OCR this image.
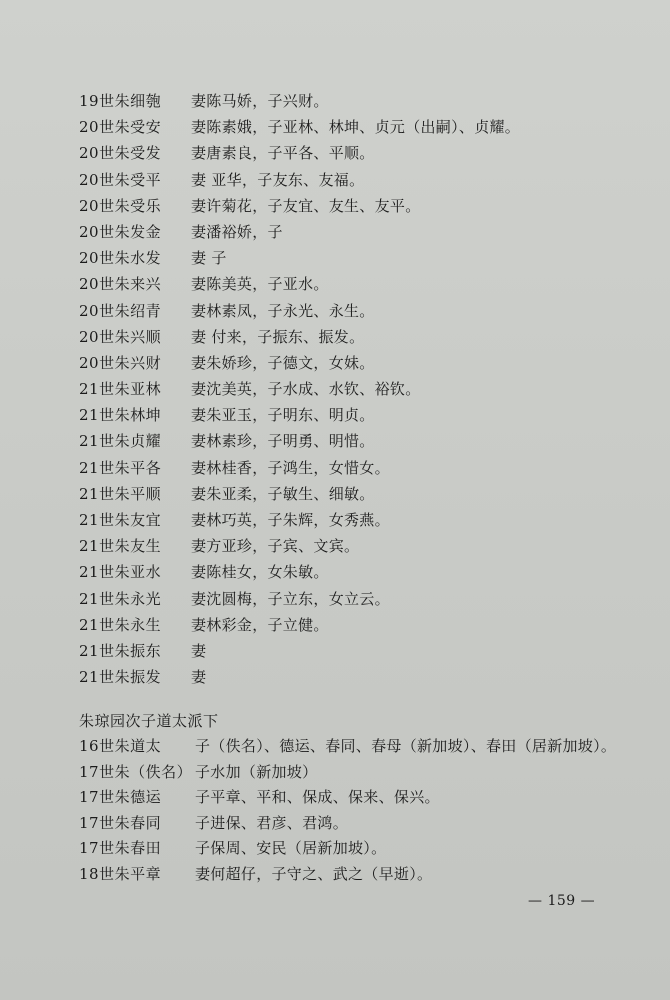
19世朱细匏	妻陈马娇，子兴财。
20世朱受安	妻陈素娥，子亚林、林坤、贞元（出嗣）、贞耀。
20世朱受发	妻唐素良，子平各、平顺。
20世朱受平	妻 亚华，子友东、友福。
20世朱受乐	妻许菊花，子友宜、友生、友平。
20世朱发金	妻潘裕娇，子
20世朱水发	妻 子
20世朱来兴	妻陈美英，子亚水。
20世朱绍青	妻林素凤，子永光、永生。
20世朱兴顺	妻 付来，子振东、振发。
20世朱兴财	妻朱娇珍，子德文，女妹。
21世朱亚林	妻沈美英，子水成、水钦、裕钦。
21世朱林坤	妻朱亚玉，子明东、明贞。
21世朱贞耀	妻林素珍，子明勇、明惜。
21世朱平各	妻林桂香，子鸿生，女惜女。
21世朱平顺	妻朱亚柔，子敏生、细敏。
21世朱友宜	妻林巧英，子朱辉，女秀燕。
21世朱友生	妻方亚珍，子宾、文宾。
21世朱亚水	妻陈桂女，女朱敏。
21世朱永光	妻沈圆梅，子立东，女立云。
21世朱永生	妻林彩金，子立健。
21世朱振东	妻
21世朱振发	妻
朱琼园次子道太派下
16世朱道太	子（佚名）、德运、春同、春母（新加坡）、春田（居新加坡）。
17世朱（佚名） 子水加（新加坡）
17世朱德运	子平章、平和、保成、保来、保兴。
17世朱春同	子进保、君彦、君鸿。
17世朱春田	子保周、安民（居新加坡）。
18世朱平章	妻何超仔，子守之、武之（早逝）。
— 159 —
